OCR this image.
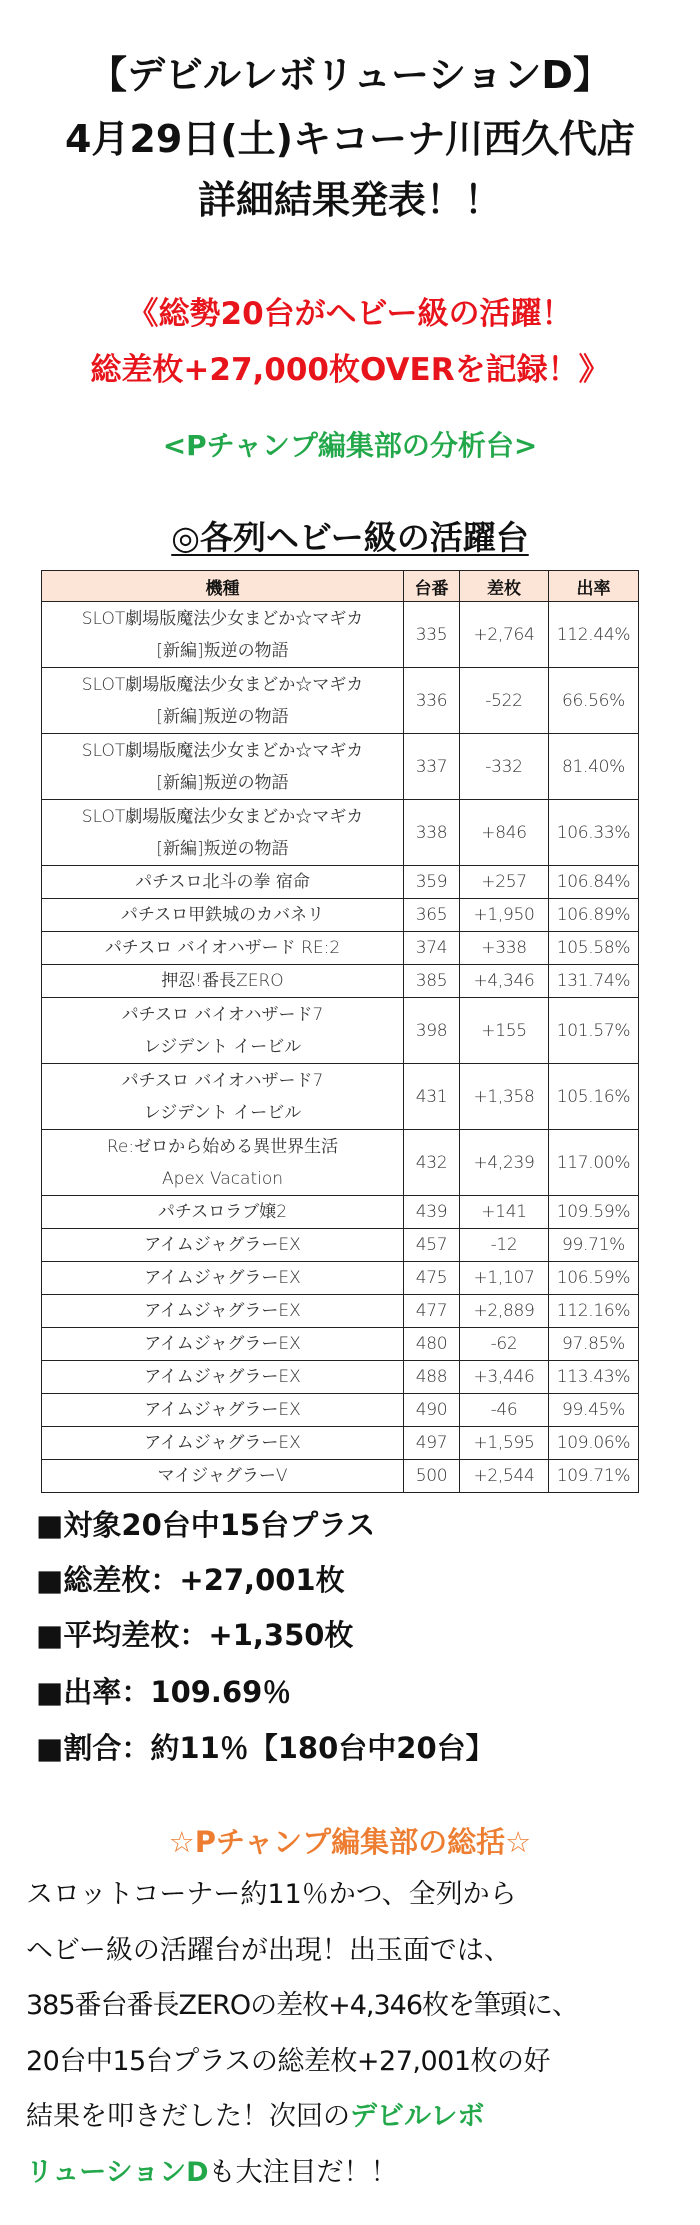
【デビルレボリューションD】
4月29日(土)キコーナ川西久代店
詳細結果発表！！
《総勢20台がヘビー級の活躍！
総差枚+27,000枚OVERを記録！》
<Pチャンプ編集部の分析台>
◎各列ヘビー級の活躍台
機種	台番	差枚	出率

SLOT劇場版魔法少女まどか☆マギカ
[新編]叛逆の物語	335	+2,764	112.44%

SLOT劇場版魔法少女まどか☆マギカ
[新編]叛逆の物語	336	-522	66.56%

SLOT劇場版魔法少女まどか☆マギカ
[新編]叛逆の物語	337	-332	81.40%

SLOT劇場版魔法少女まどか☆マギカ
[新編]叛逆の物語	338	+846	106.33%

パチスロ北斗の拳 宿命	359	+257	106.84%

パチスロ甲鉄城のカバネリ	365	+1,950	106.89%

パチスロ バイオハザード RE:2	374	+338	105.58%

押忍!番長ZERO	385	+4,346	131.74%

パチスロ バイオハザード7
レジデント イービル	398	+155	101.57%

パチスロ バイオハザード7
レジデント イービル	431	+1,358	105.16%

Re:ゼロから始める異世界生活
Apex Vacation	432	+4,239	117.00%

パチスロラブ嬢2	439	+141	109.59%

アイムジャグラーEX	457	-12	99.71%

アイムジャグラーEX	475	+1,107	106.59%

アイムジャグラーEX	477	+2,889	112.16%

アイムジャグラーEX	480	-62	97.85%

アイムジャグラーEX	488	+3,446	113.43%

アイムジャグラーEX	490	-46	99.45%

アイムジャグラーEX	497	+1,595	109.06%

マイジャグラーV	500	+2,544	109.71%
■対象20台中15台プラス
■総差枚：+27,001枚
■平均差枚：+1,350枚
■出率：109.69％
■割合：約11％【180台中20台】
☆Pチャンプ編集部の総括☆
スロットコーナー約11％かつ、全列から
ヘビー級の活躍台が出現！出玉面では、
385番台番長ZEROの差枚+4,346枚を筆頭に、
20台中15台プラスの総差枚+27,001枚の好
結果を叩きだした！次回のデビルレボ
リューションDも大注目だ！！
